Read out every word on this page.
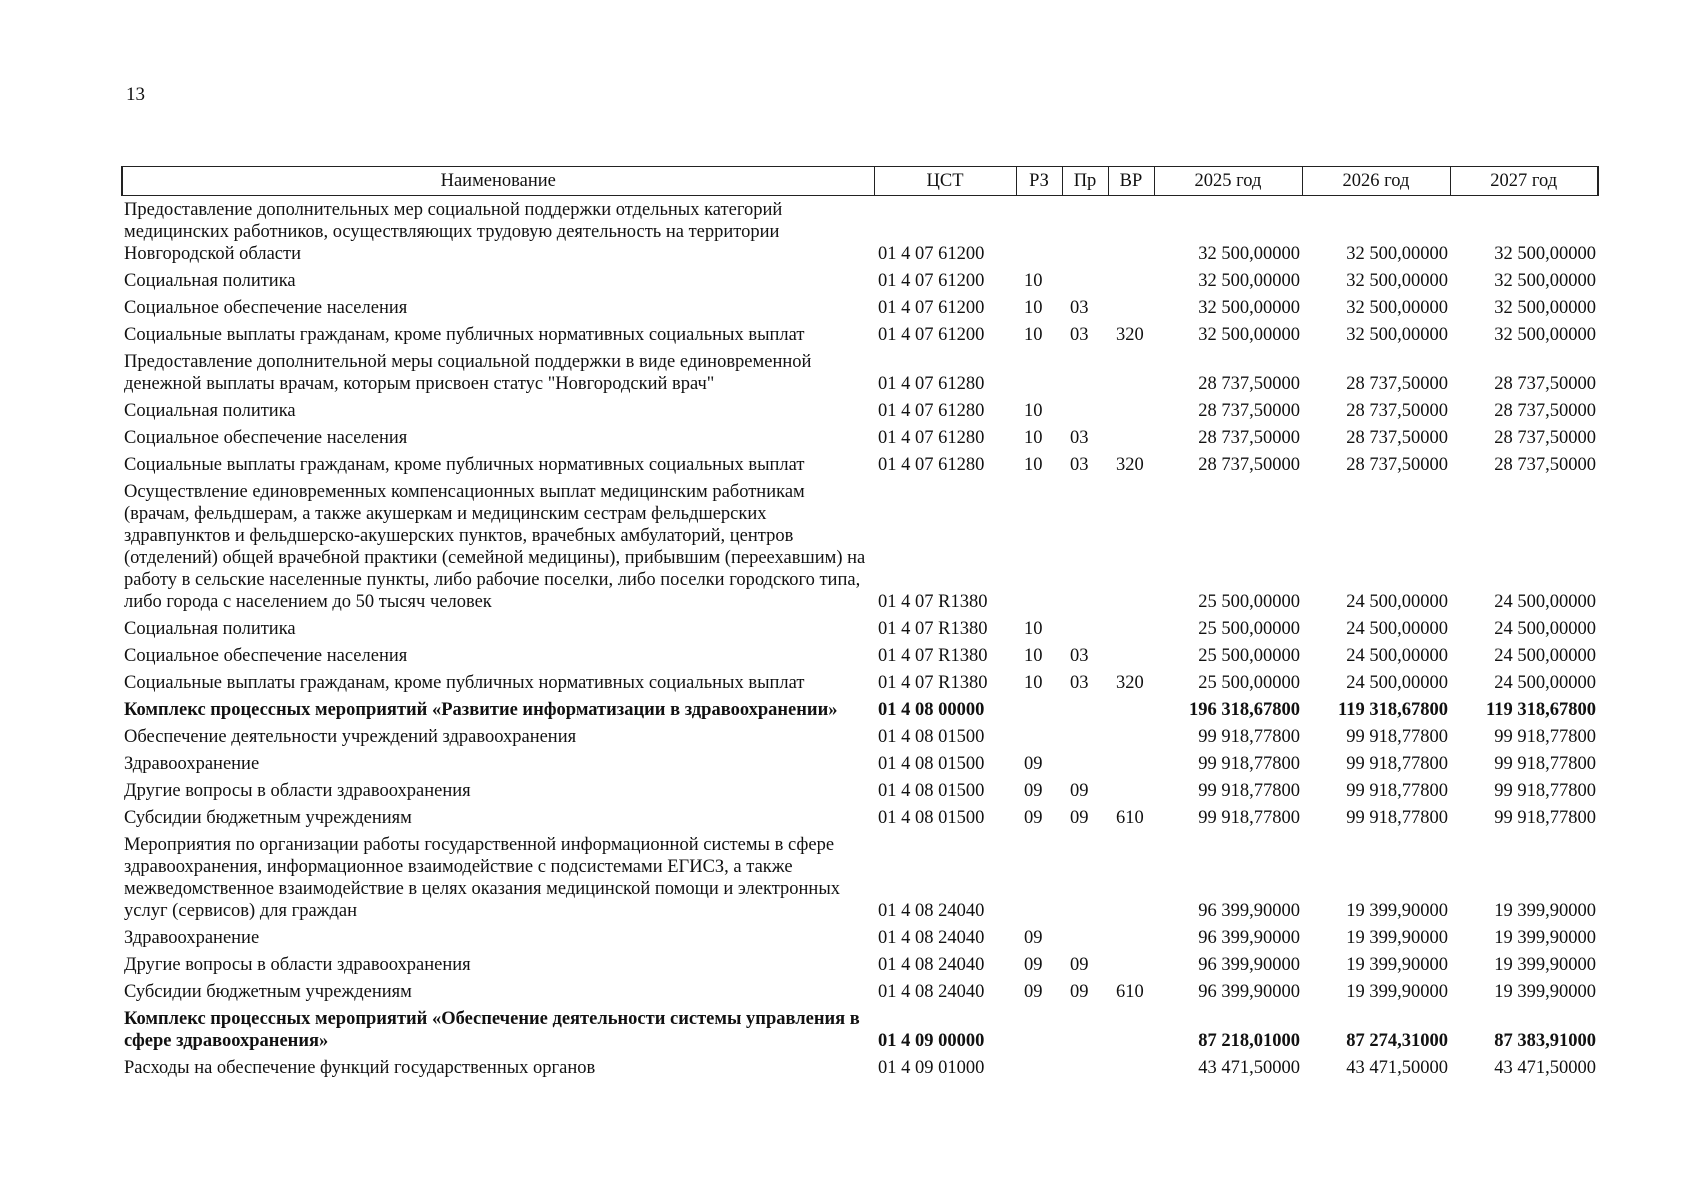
13
Наименование	ЦСТ	РЗ	Пр	ВР	2025 год	2026 год	2027 год
Предоставление дополнительных мер социальной поддержки отдельных категорий медицинских работников, осуществляющих трудовую деятельность на территории Новгородской области	01 4 07 61200				32 500,00000	32 500,00000	32 500,00000
Социальная политика	01 4 07 61200	10			32 500,00000	32 500,00000	32 500,00000
Социальное обеспечение населения	01 4 07 61200	10	03		32 500,00000	32 500,00000	32 500,00000
Социальные выплаты гражданам, кроме публичных нормативных социальных выплат	01 4 07 61200	10	03	320	32 500,00000	32 500,00000	32 500,00000
Предоставление дополнительной меры социальной поддержки в виде единовременной денежной выплаты врачам, которым присвоен статус "Новгородский врач"	01 4 07 61280				28 737,50000	28 737,50000	28 737,50000
Социальная политика	01 4 07 61280	10			28 737,50000	28 737,50000	28 737,50000
Социальное обеспечение населения	01 4 07 61280	10	03		28 737,50000	28 737,50000	28 737,50000
Социальные выплаты гражданам, кроме публичных нормативных социальных выплат	01 4 07 61280	10	03	320	28 737,50000	28 737,50000	28 737,50000
Осуществление единовременных компенсационных выплат медицинским работникам (врачам, фельдшерам, а также акушеркам и медицинским сестрам фельдшерских здравпунктов и фельдшерско-акушерских пунктов, врачебных амбулаторий, центров (отделений) общей врачебной практики (семейной медицины), прибывшим (переехавшим) на работу в сельские населенные пункты, либо рабочие поселки, либо поселки городского типа, либо города с населением до 50 тысяч человек	01 4 07 R1380				25 500,00000	24 500,00000	24 500,00000
Социальная политика	01 4 07 R1380	10			25 500,00000	24 500,00000	24 500,00000
Социальное обеспечение населения	01 4 07 R1380	10	03		25 500,00000	24 500,00000	24 500,00000
Социальные выплаты гражданам, кроме публичных нормативных социальных выплат	01 4 07 R1380	10	03	320	25 500,00000	24 500,00000	24 500,00000
Комплекс процессных мероприятий «Развитие информатизации в здравоохранении»	01 4 08 00000				196 318,67800	119 318,67800	119 318,67800
Обеспечение деятельности учреждений здравоохранения	01 4 08 01500				99 918,77800	99 918,77800	99 918,77800
Здравоохранение	01 4 08 01500	09			99 918,77800	99 918,77800	99 918,77800
Другие вопросы в области здравоохранения	01 4 08 01500	09	09		99 918,77800	99 918,77800	99 918,77800
Субсидии бюджетным учреждениям	01 4 08 01500	09	09	610	99 918,77800	99 918,77800	99 918,77800
Мероприятия по организации работы государственной информационной системы в сфере здравоохранения, информационное взаимодействие с подсистемами ЕГИСЗ, а также межведомственное взаимодействие в целях оказания медицинской помощи и электронных услуг (сервисов) для граждан	01 4 08 24040				96 399,90000	19 399,90000	19 399,90000
Здравоохранение	01 4 08 24040	09			96 399,90000	19 399,90000	19 399,90000
Другие вопросы в области здравоохранения	01 4 08 24040	09	09		96 399,90000	19 399,90000	19 399,90000
Субсидии бюджетным учреждениям	01 4 08 24040	09	09	610	96 399,90000	19 399,90000	19 399,90000
Комплекс процессных мероприятий «Обеспечение деятельности системы управления в сфере здравоохранения»	01 4 09 00000				87 218,01000	87 274,31000	87 383,91000
Расходы на обеспечение функций государственных органов	01 4 09 01000				43 471,50000	43 471,50000	43 471,50000
